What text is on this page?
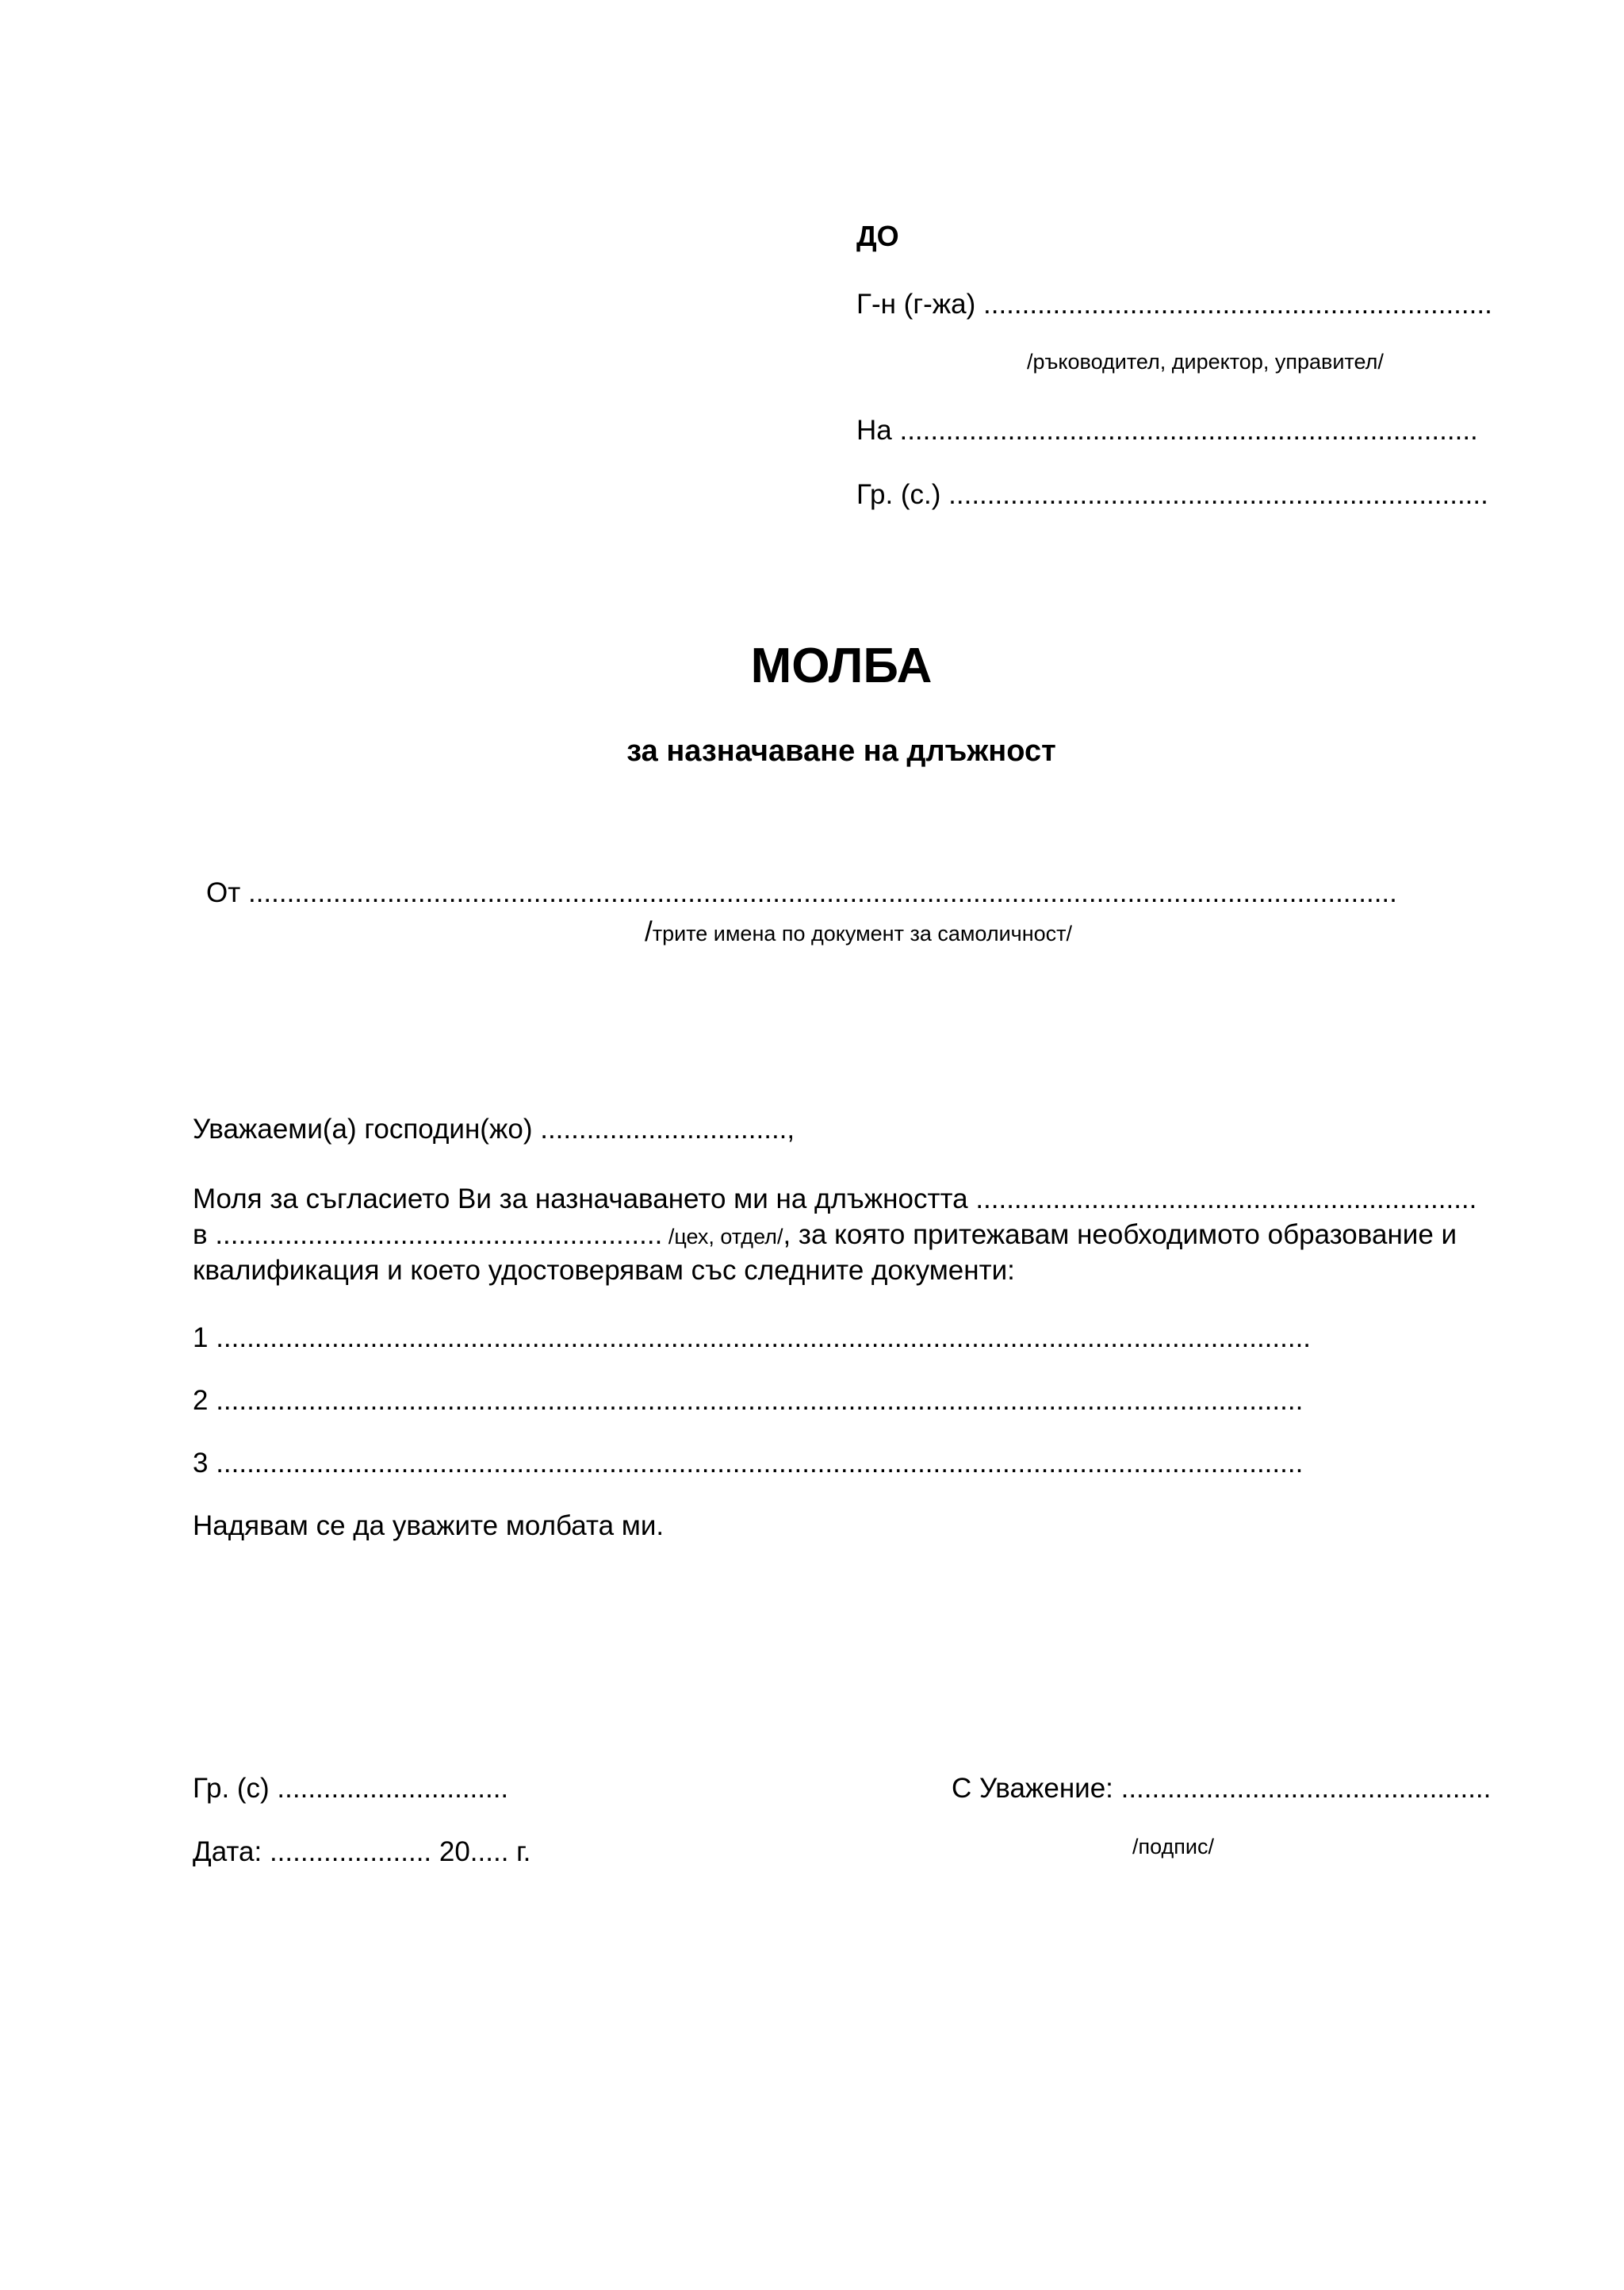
ДО
Г-н (г-жа) ..................................................................
/ръководител, директор, управител/
На ...........................................................................
Гр. (с.) ......................................................................
МОЛБА
за назначаване на длъжност
От .....................................................................................................................................................
/трите имена по документ за самоличност/
Уважаеми(а) господин(жо) ................................,
Моля за съгласието Ви за назначаването ми на длъжността .................................................................
в .......................................................... /цех, отдел/, за която притежавам необходимото образование и
квалификация и което удостоверявам със следните документи:
1 ..............................................................................................................................................
2 .............................................................................................................................................
3 .............................................................................................................................................
Надявам се да уважите молбата ми.
Гр. (с) ..............................
Дата: ..................... 20..... г.
С Уважение: ................................................
/подпис/
